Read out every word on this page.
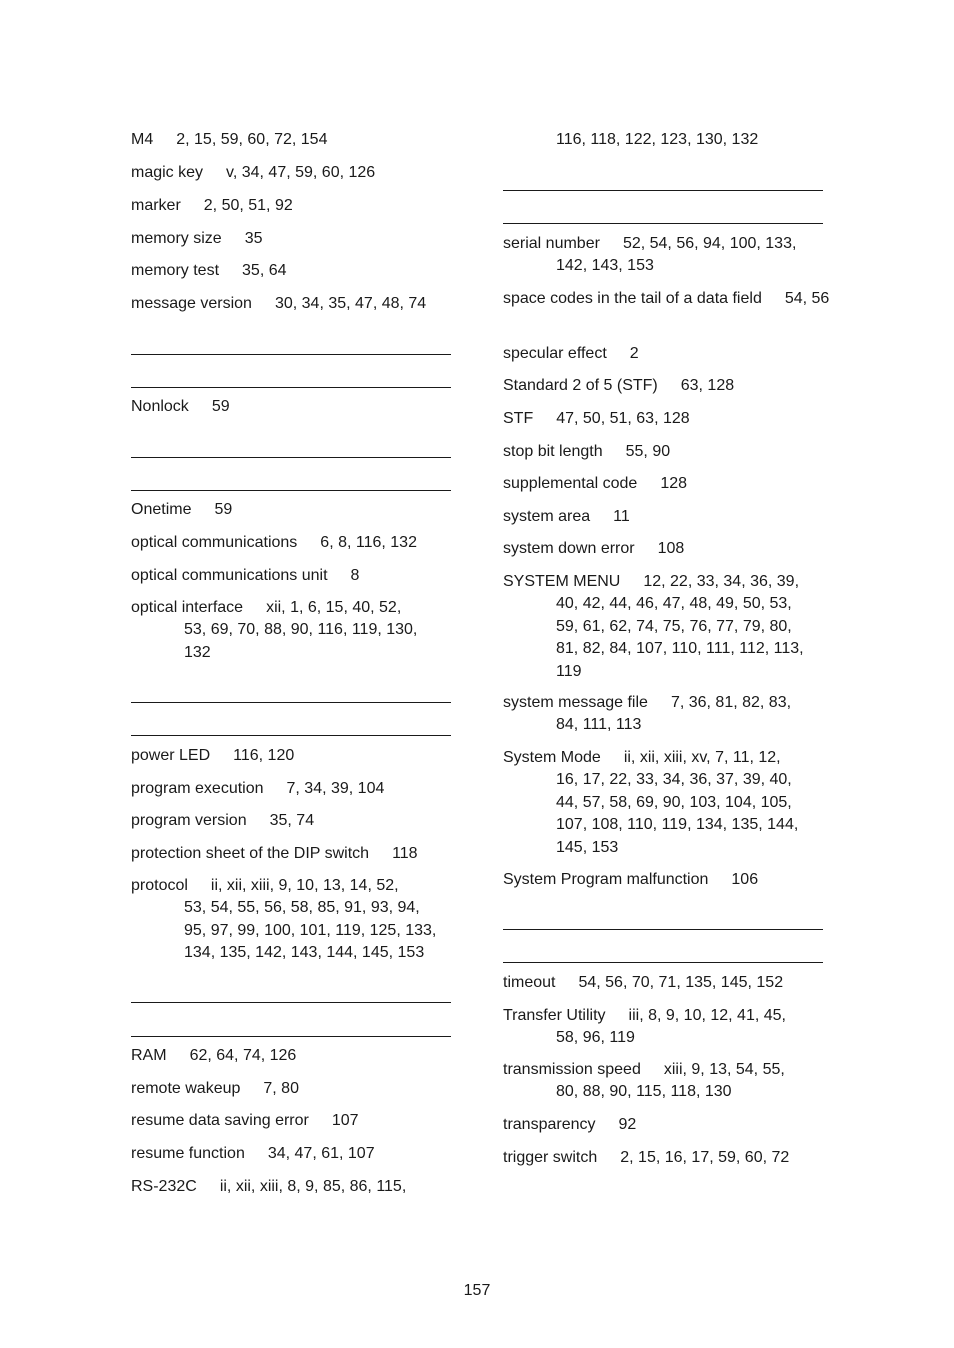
M4 2, 15, 59, 60, 72, 154
magic key v, 34, 47, 59, 60, 126
marker 2, 50, 51, 92
memory size 35
memory test 35, 64
message version 30, 34, 35, 47, 48, 74
Nonlock 59
Onetime 59
optical communications 6, 8, 116, 132
optical communications unit 8
optical interface xii, 1, 6, 15, 40, 52,
53, 69, 70, 88, 90, 116, 119, 130,
132
power LED 116, 120
program execution 7, 34, 39, 104
program version 35, 74
protection sheet of the DIP switch 118
protocol ii, xii, xiii, 9, 10, 13, 14, 52,
53, 54, 55, 56, 58, 85, 91, 93, 94,
95, 97, 99, 100, 101, 119, 125, 133,
134, 135, 142, 143, 144, 145, 153
RAM 62, 64, 74, 126
remote wakeup 7, 80
resume data saving error 107
resume function 34, 47, 61, 107
RS-232C ii, xii, xiii, 8, 9, 85, 86, 115,
116, 118, 122, 123, 130, 132
serial number 52, 54, 56, 94, 100, 133,
142, 143, 153
space codes in the tail of a data field 54, 56
specular effect 2
Standard 2 of 5 (STF) 63, 128
STF 47, 50, 51, 63, 128
stop bit length 55, 90
supplemental code 128
system area 11
system down error 108
SYSTEM MENU 12, 22, 33, 34, 36, 39,
40, 42, 44, 46, 47, 48, 49, 50, 53,
59, 61, 62, 74, 75, 76, 77, 79, 80,
81, 82, 84, 107, 110, 111, 112, 113,
119
system message file 7, 36, 81, 82, 83,
84, 111, 113
System Mode ii, xii, xiii, xv, 7, 11, 12,
16, 17, 22, 33, 34, 36, 37, 39, 40,
44, 57, 58, 69, 90, 103, 104, 105,
107, 108, 110, 119, 134, 135, 144,
145, 153
System Program malfunction 106
timeout 54, 56, 70, 71, 135, 145, 152
Transfer Utility iii, 8, 9, 10, 12, 41, 45,
58, 96, 119
transmission speed xiii, 9, 13, 54, 55,
80, 88, 90, 115, 118, 130
transparency 92
trigger switch 2, 15, 16, 17, 59, 60, 72
157
